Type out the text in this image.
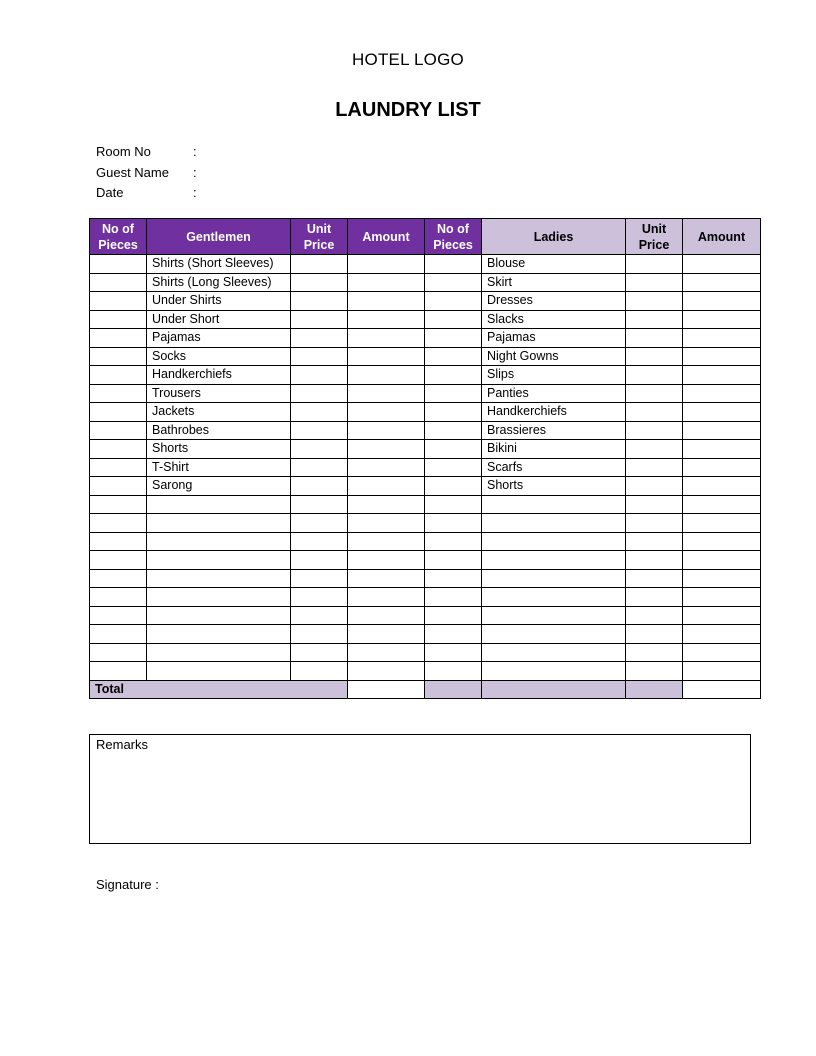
HOTEL LOGO
LAUNDRY LIST
Room No	:
Guest Name	:
Date	:
No of Pieces	Gentlemen	Unit Price	Amount	No of Pieces	Ladies	Unit Price	Amount
	Shirts (Short Sleeves)				Blouse		
	Shirts (Long Sleeves)				Skirt		
	Under Shirts				Dresses		
	Under Short				Slacks		
	Pajamas				Pajamas		
	Socks				Night Gowns		
	Handkerchiefs				Slips		
	Trousers				Panties		
	Jackets				Handkerchiefs		
	Bathrobes				Brassieres		
	Shorts				Bikini		
	T-Shirt				Scarfs		
	Sarong				Shorts		

Total							
Remarks
Signature :
